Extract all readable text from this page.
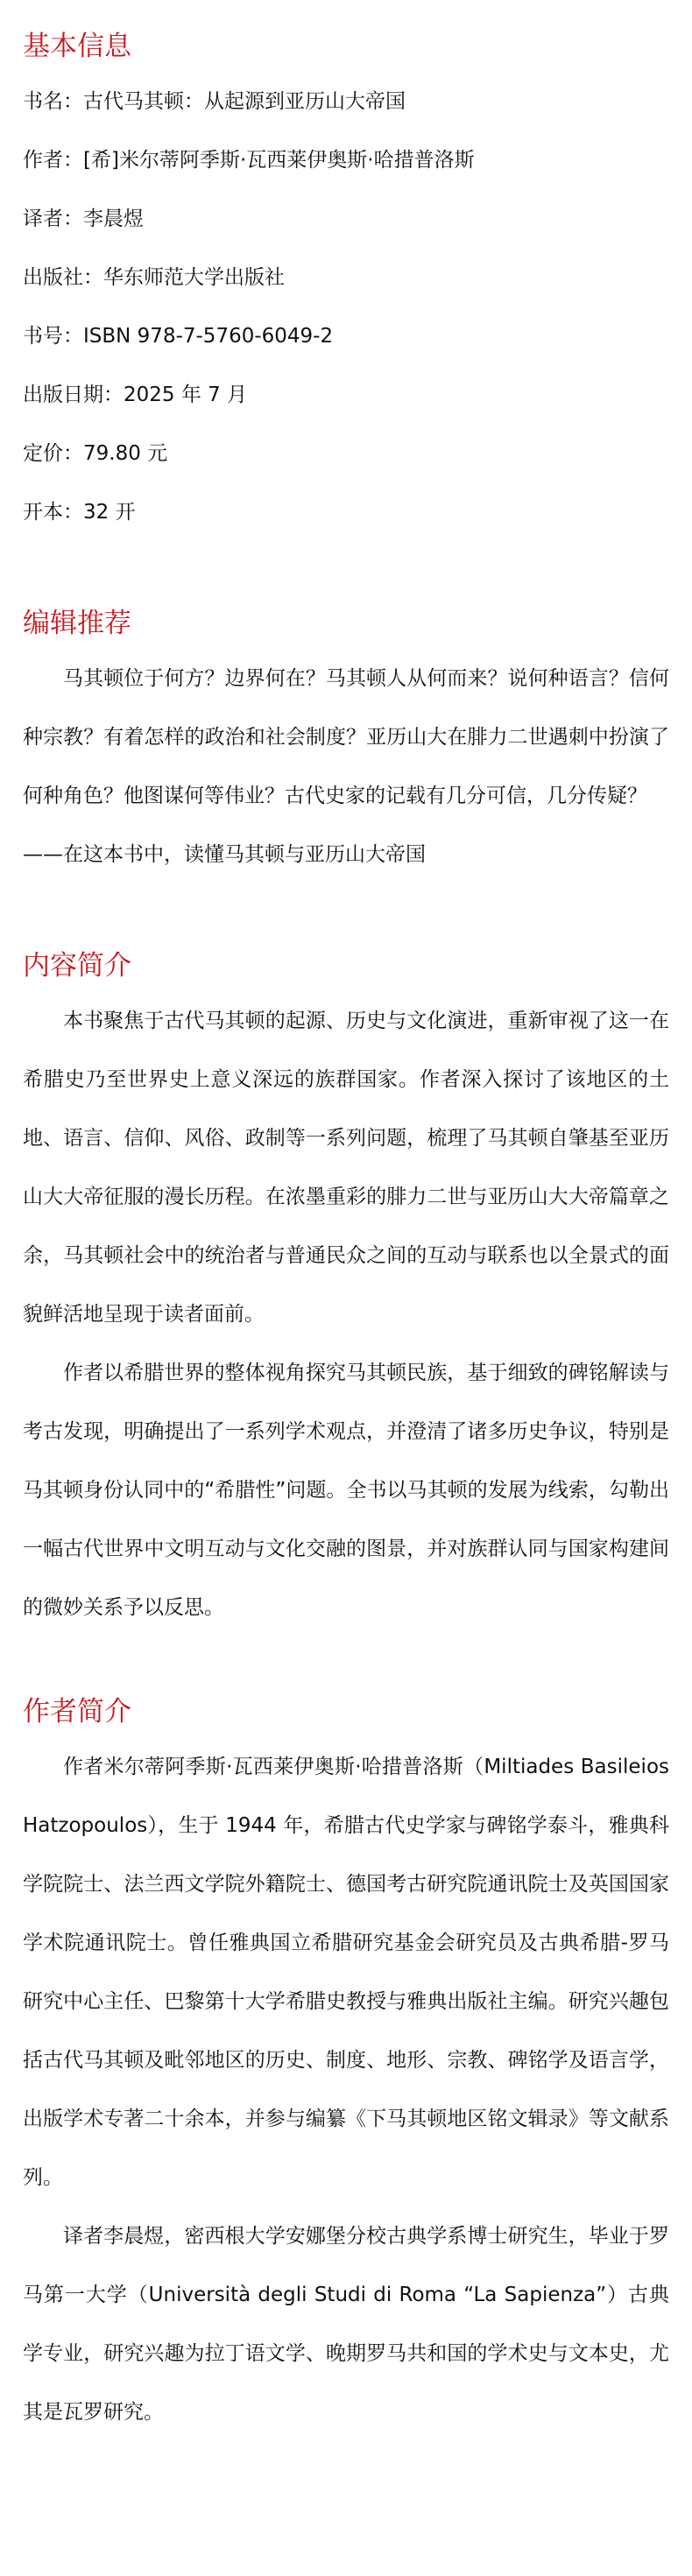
基本信息

书名：古代马其顿：从起源到亚历山大帝国

作者：[希]米尔蒂阿季斯·瓦西莱伊奥斯·哈措普洛斯

译者：李晨煜

出版社：华东师范大学出版社

书号：ISBN 978-7-5760-6049-2

出版日期：2025 年 7 月

定价：79.80 元

开本：32 开

编辑推荐

马其顿位于何方？边界何在？马其顿人从何而来？说何种语言？信何种宗教？有着怎样的政治和社会制度？亚历山大在腓力二世遇刺中扮演了何种角色？他图谋何等伟业？古代史家的记载有几分可信，几分传疑？

——在这本书中，读懂马其顿与亚历山大帝国

内容简介

本书聚焦于古代马其顿的起源、历史与文化演进，重新审视了这一在希腊史乃至世界史上意义深远的族群国家。作者深入探讨了该地区的土地、语言、信仰、风俗、政制等一系列问题，梳理了马其顿自肇基至亚历山大大帝征服的漫长历程。在浓墨重彩的腓力二世与亚历山大大帝篇章之余，马其顿社会中的统治者与普通民众之间的互动与联系也以全景式的面貌鲜活地呈现于读者面前。

作者以希腊世界的整体视角探究马其顿民族，基于细致的碑铭解读与考古发现，明确提出了一系列学术观点，并澄清了诸多历史争议，特别是马其顿身份认同中的“希腊性”问题。全书以马其顿的发展为线索，勾勒出一幅古代世界中文明互动与文化交融的图景，并对族群认同与国家构建间的微妙关系予以反思。

作者简介

作者米尔蒂阿季斯·瓦西莱伊奥斯·哈措普洛斯（Miltiades Basileios Hatzopoulos），生于 1944 年，希腊古代史学家与碑铭学泰斗，雅典科学院院士、法兰西文学院外籍院士、德国考古研究院通讯院士及英国国家学术院通讯院士。曾任雅典国立希腊研究基金会研究员及古典希腊-罗马研究中心主任、巴黎第十大学希腊史教授与雅典出版社主编。研究兴趣包括古代马其顿及毗邻地区的历史、制度、地形、宗教、碑铭学及语言学，出版学术专著二十余本，并参与编纂《下马其顿地区铭文辑录》等文献系列。

译者李晨煜，密西根大学安娜堡分校古典学系博士研究生，毕业于罗马第一大学（Università degli Studi di Roma “La Sapienza”）古典学专业，研究兴趣为拉丁语文学、晚期罗马共和国的学术史与文本史，尤其是瓦罗研究。
